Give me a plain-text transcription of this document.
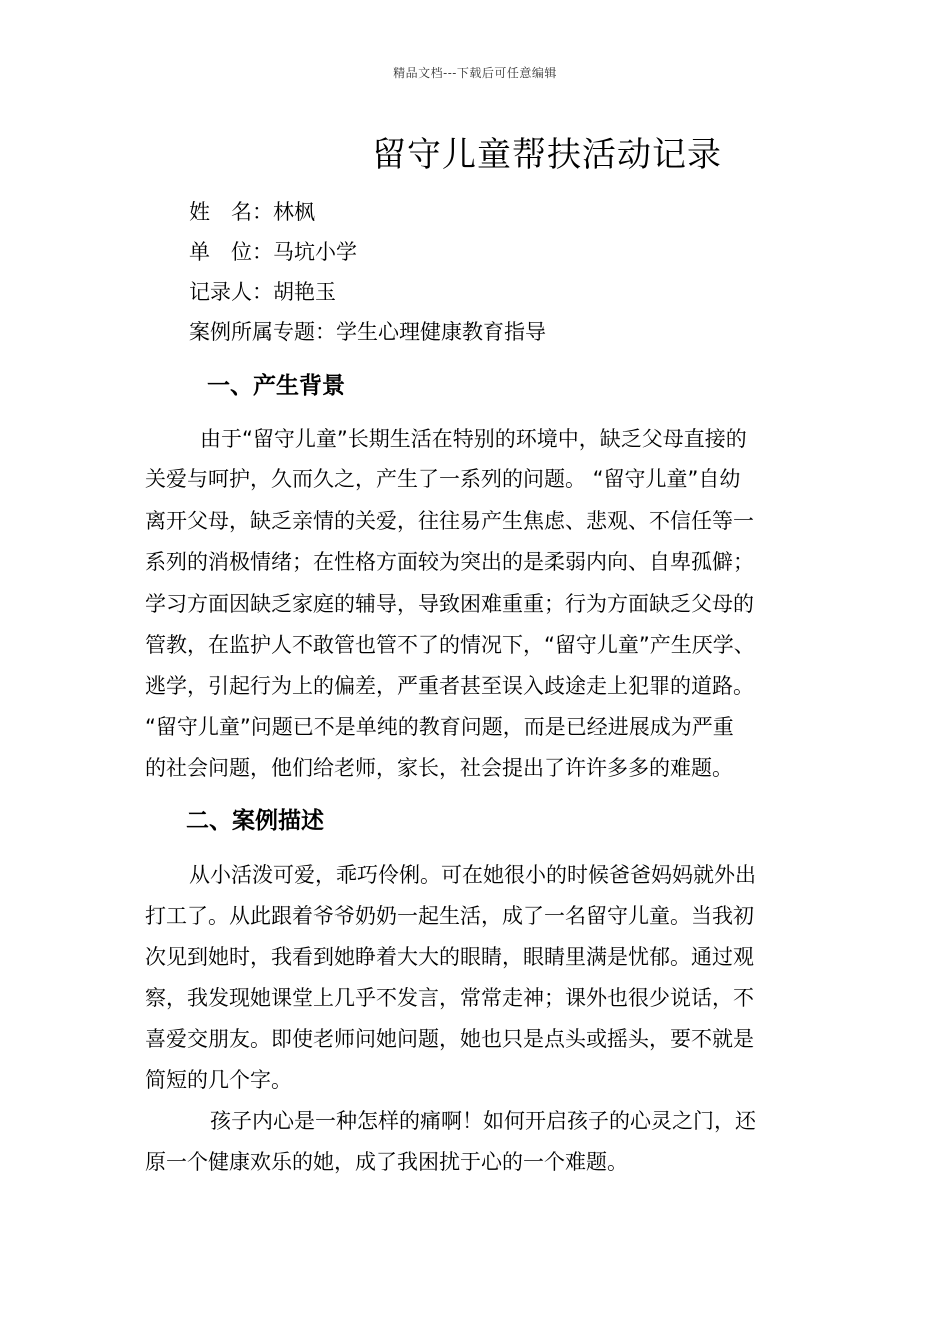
精品文档---下载后可任意编辑
留守儿童帮扶活动记录

姓　名：林枫

单　位：马坑小学

记录人：胡艳玉

案例所属专题：学生心理健康教育指导

一、产生背景

由于“留守儿童”长期生活在特别的环境中，缺乏父母直接的

关爱与呵护，久而久之，产生了一系列的问题。 “留守儿童”自幼

离开父母，缺乏亲情的关爱，往往易产生焦虑、悲观、不信任等一

系列的消极情绪；在性格方面较为突出的是柔弱内向、自卑孤僻；

学习方面因缺乏家庭的辅导，导致困难重重；行为方面缺乏父母的

管教，在监护人不敢管也管不了的情况下，“留守儿童”产生厌学、

逃学，引起行为上的偏差，严重者甚至误入歧途走上犯罪的道路。

“留守儿童”问题已不是单纯的教育问题，而是已经进展成为严重

的社会问题，他们给老师，家长，社会提出了许许多多的难题。

二、案例描述

从小活泼可爱，乖巧伶俐。可在她很小的时候爸爸妈妈就外出

打工了。从此跟着爷爷奶奶一起生活，成了一名留守儿童。当我初

次见到她时，我看到她睁着大大的眼睛，眼睛里满是忧郁。通过观

察，我发现她课堂上几乎不发言，常常走神；课外也很少说话，不

喜爱交朋友。即使老师问她问题，她也只是点头或摇头，要不就是

简短的几个字。

孩子内心是一种怎样的痛啊！如何开启孩子的心灵之门，还

原一个健康欢乐的她，成了我困扰于心的一个难题。
